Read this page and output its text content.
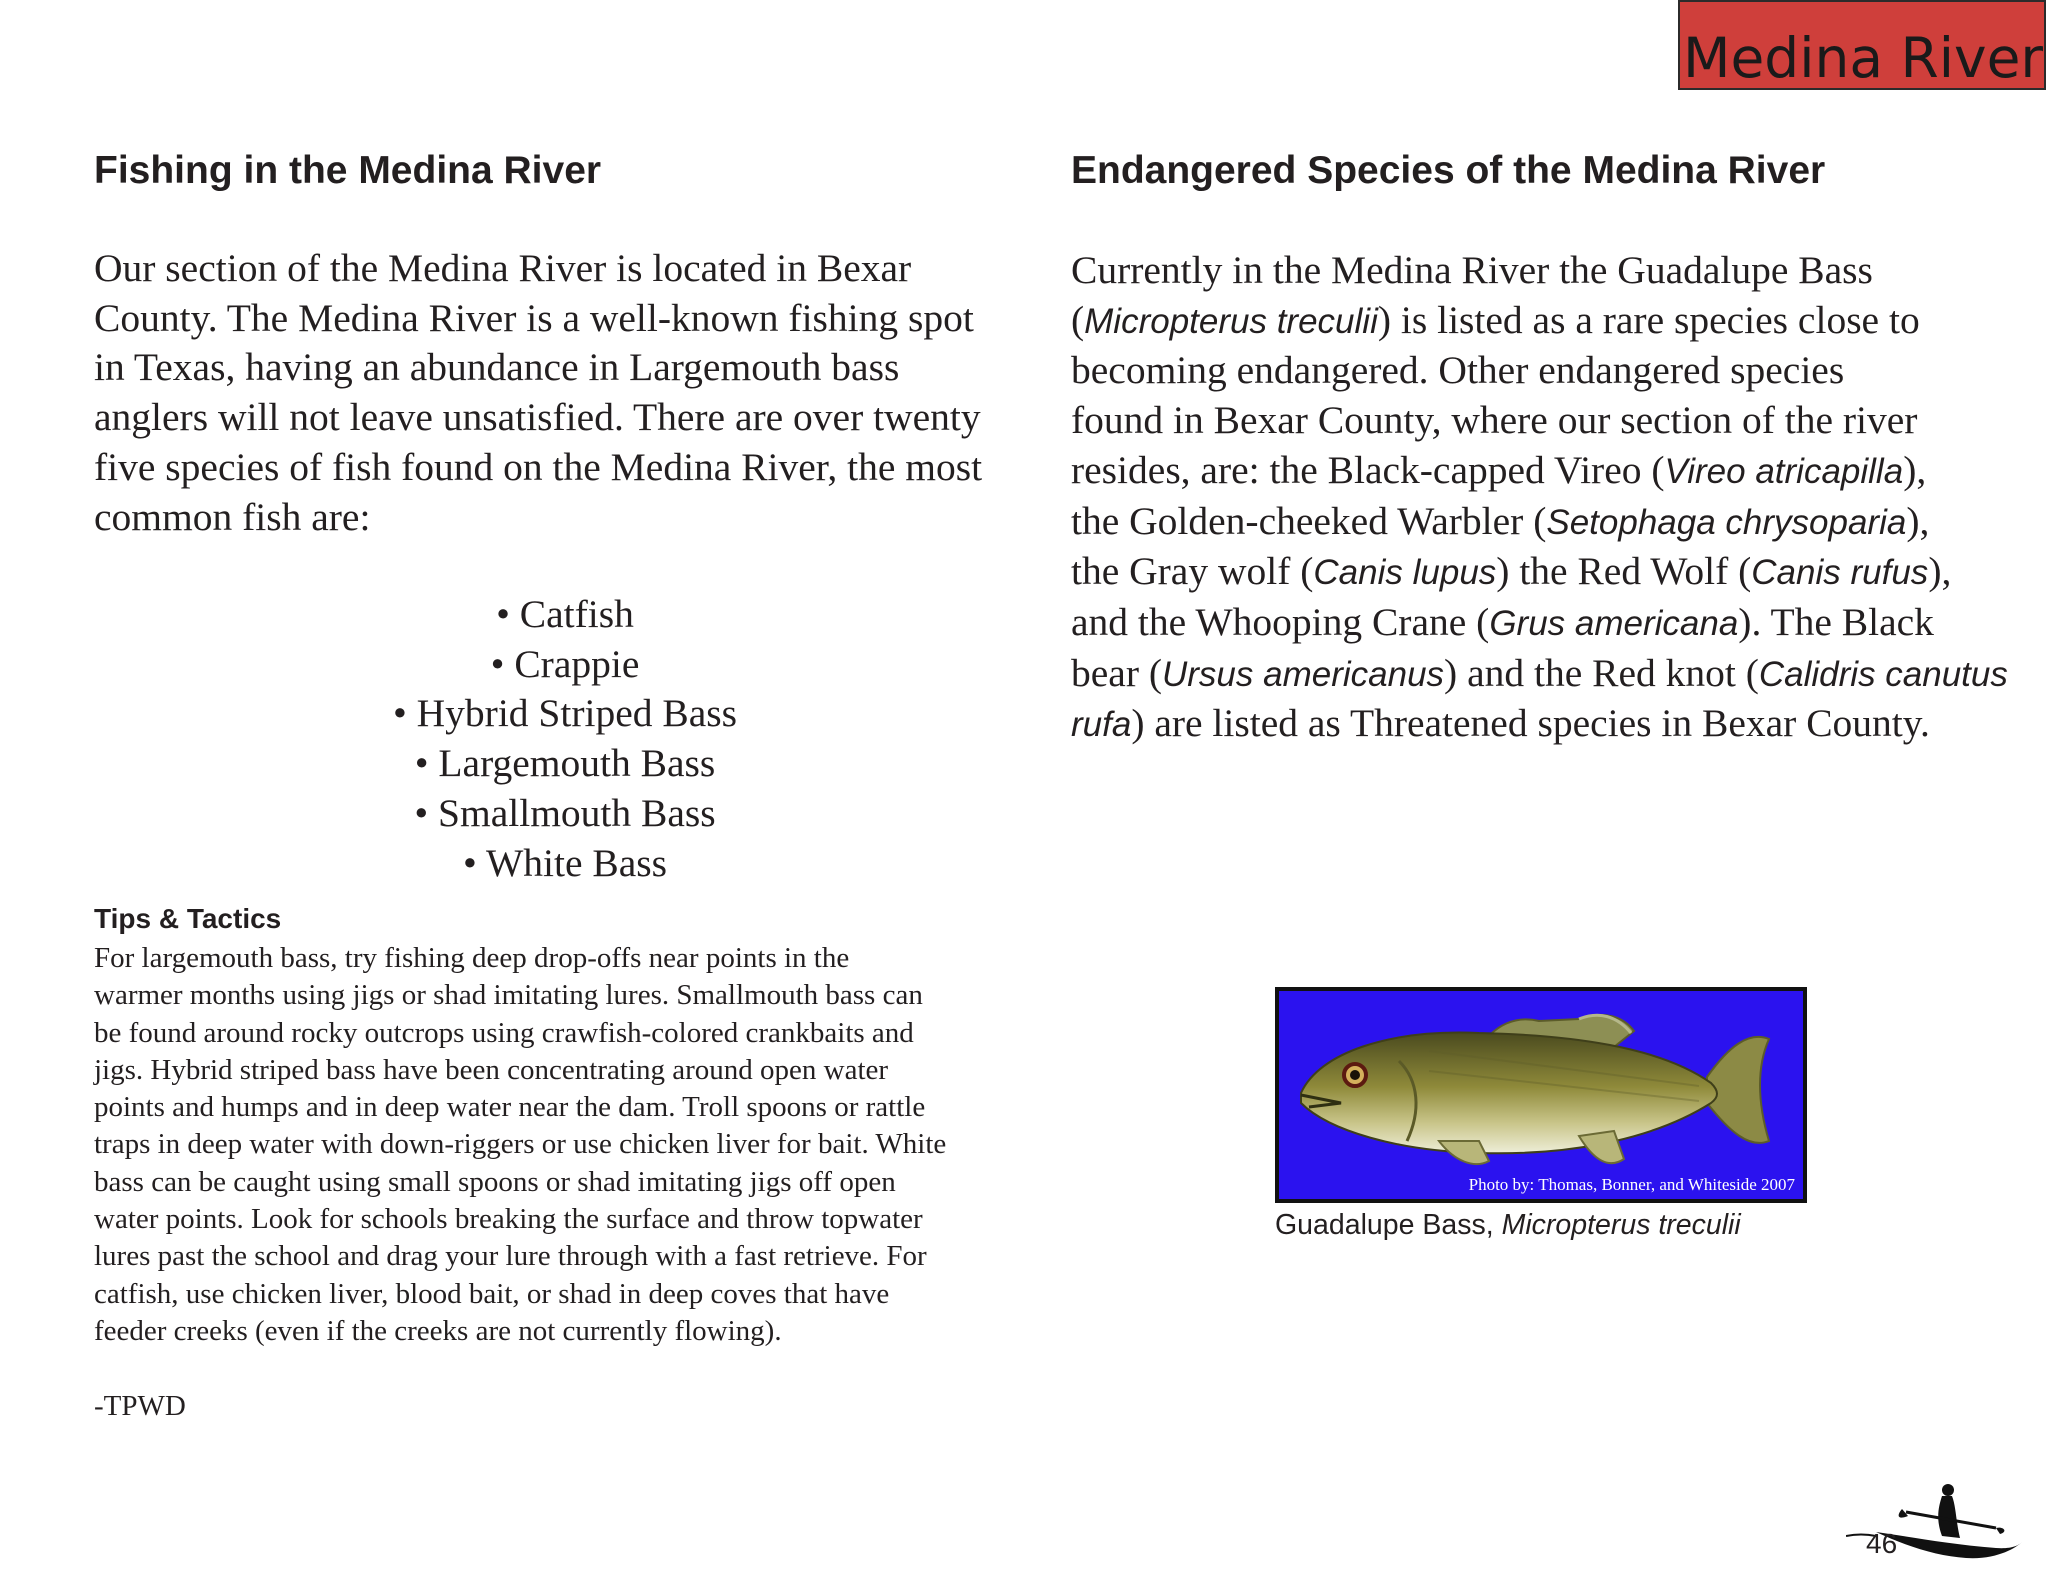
Medina River
Fishing in the Medina River	Endangered Species of the Medina River

Our section of the Medina River is located in Bexar
County. The Medina River is a well-known fishing spot
in Texas, having an abundance in Largemouth bass
anglers will not leave unsatisfied. There are over twenty
five species of fish found on the Medina River, the most
common fish are:

• Catfish
• Crappie
• Hybrid Striped Bass
• Largemouth Bass
• Smallmouth Bass
• White Bass
Tips & Tactics

For largemouth bass, try fishing deep drop-offs near points in the
warmer months using jigs or shad imitating lures. Smallmouth bass can
be found around rocky outcrops using crawfish-colored crankbaits and
jigs. Hybrid striped bass have been concentrating around open water
points and humps and in deep water near the dam. Troll spoons or rattle
traps in deep water with down-riggers or use chicken liver for bait. White
bass can be caught using small spoons or shad imitating jigs off open
water points. Look for schools breaking the surface and throw topwater
lures past the school and drag your lure through with a fast retrieve. For
catfish, use chicken liver, blood bait, or shad in deep coves that have
feeder creeks (even if the creeks are not currently flowing).

-TPWD

Currently in the Medina River the Guadalupe Bass
(Micropterus treculii) is listed as a rare species close to
becoming endangered. Other endangered species
found in Bexar County, where our section of the river
resides, are: the Black-capped Vireo (Vireo atricapilla),
the Golden-cheeked Warbler (Setophaga chrysoparia),
the Gray wolf (Canis lupus) the Red Wolf (Canis rufus),
and the Whooping Crane (Grus americana). The Black
bear (Ursus americanus) and the Red knot (Calidris canutus
rufa) are listed as Threatened species in Bexar County.

Photo by: Thomas, Bonner, and Whiteside 2007

Guadalupe Bass, Micropterus treculii

46
